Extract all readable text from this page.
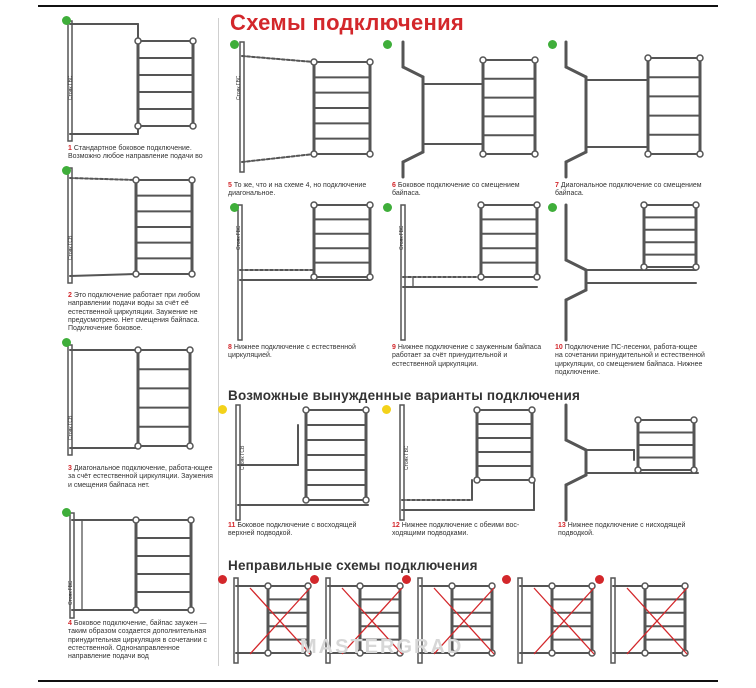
Схемы подключения
Возможные вынужденные варианты подключения
Неправильные схемы подключения
Стояк ГВС
1 Стандартное боковое подключение. Возможно любое направление подачи во
Стояк ГСВ
2 Это подключение работает при любом направлении подачи воды за счёт её естественной циркуляции. Заужение не предусмотрено. Нет смещения байпаса. Подключение боковое.
Стояк ГСВ
3 Диагональное подключение, работа-ющее за счёт естественной циркуляции. Заужения и смещения байпаса нет.
Стояк ГВС
4 Боковое подключение, байпас заужен — таким образом создается дополнительная принудительная циркуляция в сочетании с естественной. Однонаправленное направление подачи вод
Стояк ГВС
5 То же, что и на схеме 4, но подключение диагональное.
6 Боковое подключение со смещением байпаса.
7 Диагональное подключение со смещением байпаса.
Стояк ГВС
8 Нижнее подключение с естественной циркуляцией.
Стояк ГВС
9 Нижнее подключение с зауженным байпаса работает за счёт принудительной и естественной циркуляции.
10 Подключение ПС-лесенки, работа-ющее на сочетании принудительной и естественной циркуляции, со смещением байпаса. Нижнее подключение.
Стояк ГСВ
11 Боковое подключение с восходящей верхней подводкой.
Стояк ГВС
12 Нижнее подключение с обеими вос-ходящими подводками.
13 Нижнее подключение с нисходящей подводкой.
MASTERGRAD
